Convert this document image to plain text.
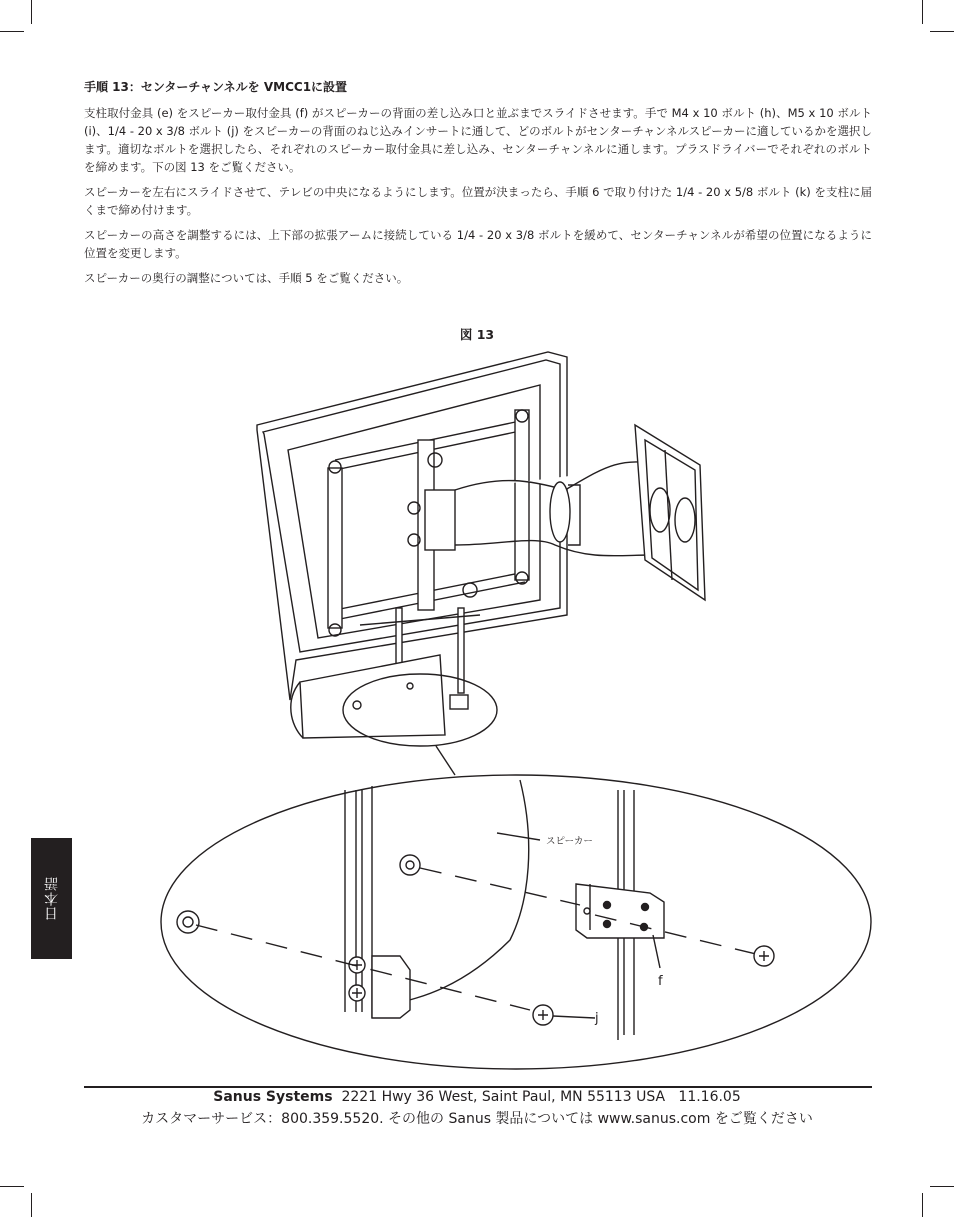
手順 13：センターチャンネルを VMCC1に設置

支柱取付金具 (e) をスピーカー取付金具 (f) がスピーカーの背面の差し込み口と並ぶまでスライドさせます。手で M4 x 10 ボルト (h)、M5 x 10 ボルト (i)、1/4 - 20 x 3/8 ボルト (j) をスピーカーの背面のねじ込みインサートに通して、どのボルトがセンターチャンネルスピーカーに適しているかを選択します。適切なボルトを選択したら、それぞれのスピーカー取付金具に差し込み、センターチャンネルに通します。プラスドライバーでそれぞれのボルトを締めます。下の図 13 をご覧ください。

スピーカーを左右にスライドさせて、テレビの中央になるようにします。位置が決まったら、手順 6 で取り付けた 1/4 - 20 x 5/8 ボルト (k) を支柱に届くまで締め付けます。

スピーカーの高さを調整するには、上下部の拡張アームに接続している 1/4 - 20 x 3/8 ボルトを緩めて、センターチャンネルが希望の位置になるように位置を変更します。

スピーカーの奥行の調整については、手順 5 をご覧ください。

図 13
スピーカー
f
j
日本語
Sanus Systems 2221 Hwy 36 West, Saint Paul, MN 55113 USA 11.16.05
カスタマーサービス：800.359.5520. その他の Sanus 製品については www.sanus.com をご覧ください
